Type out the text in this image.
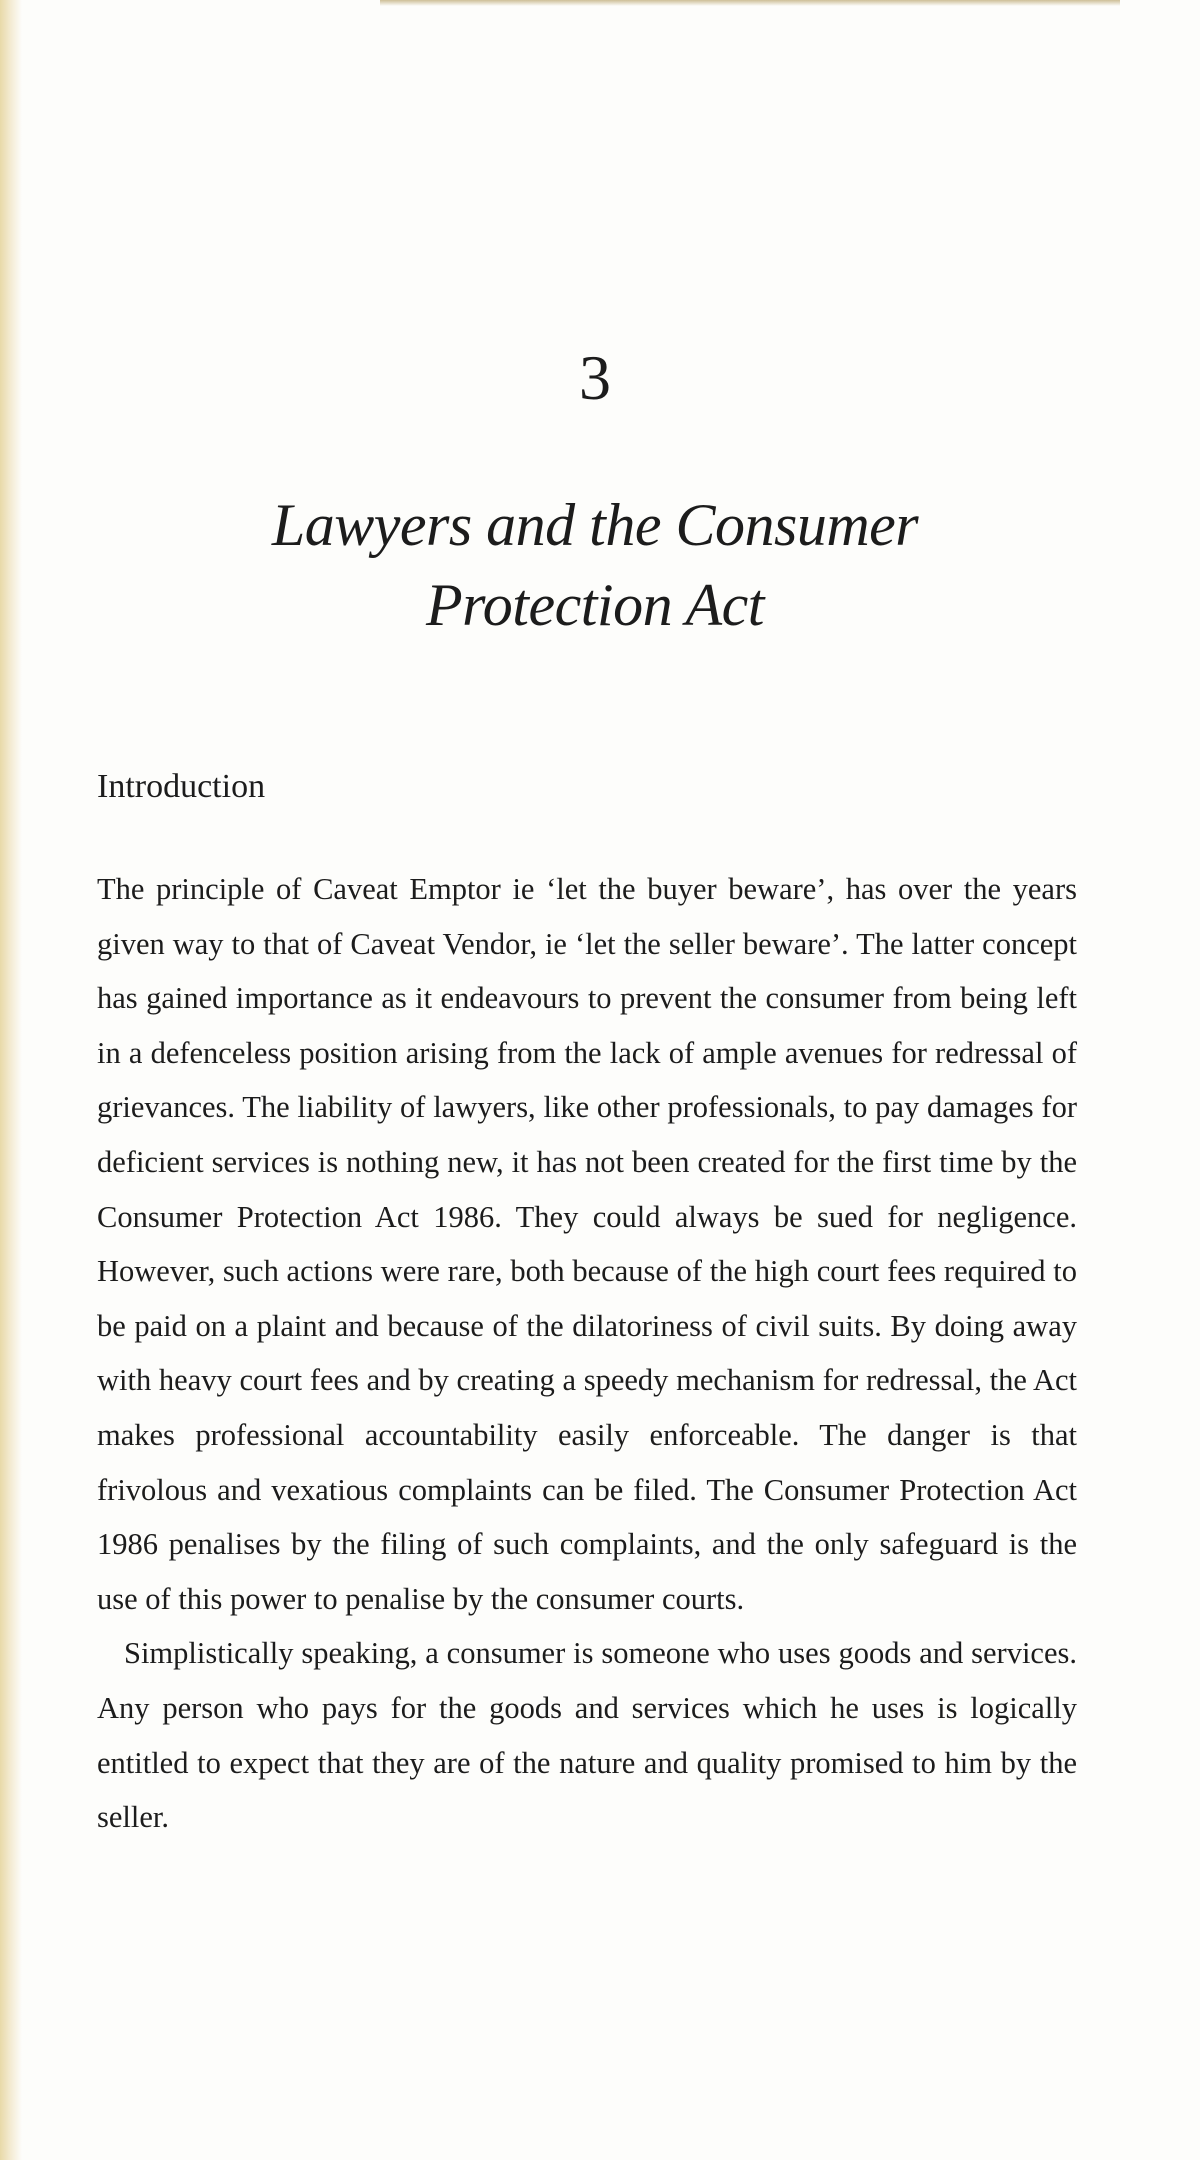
3
Lawyers and the Consumer
Protection Act
Introduction

The principle of Caveat Emptor ie ‘let the buyer beware’, has over the years given way to that of Caveat Vendor, ie ‘let the seller beware’. The latter concept has gained importance as it endeavours to prevent the consumer from being left in a defenceless position arising from the lack of ample avenues for redressal of grievances. The liability of lawyers, like other professionals, to pay damages for deficient services is nothing new, it has not been created for the first time by the Consumer Protection Act 1986. They could always be sued for negligence. However, such actions were rare, both because of the high court fees required to be paid on a plaint and because of the dilatoriness of civil suits. By doing away with heavy court fees and by creating a speedy mechanism for redressal, the Act makes professional accountability easily enforceable. The danger is that frivolous and vexatious complaints can be filed. The Consumer Protection Act 1986 penalises by the filing of such complaints, and the only safeguard is the use of this power to penalise by the consumer courts.

Simplistically speaking, a consumer is someone who uses goods and services. Any person who pays for the goods and services which he uses is logically entitled to expect that they are of the nature and quality promised to him by the seller.
